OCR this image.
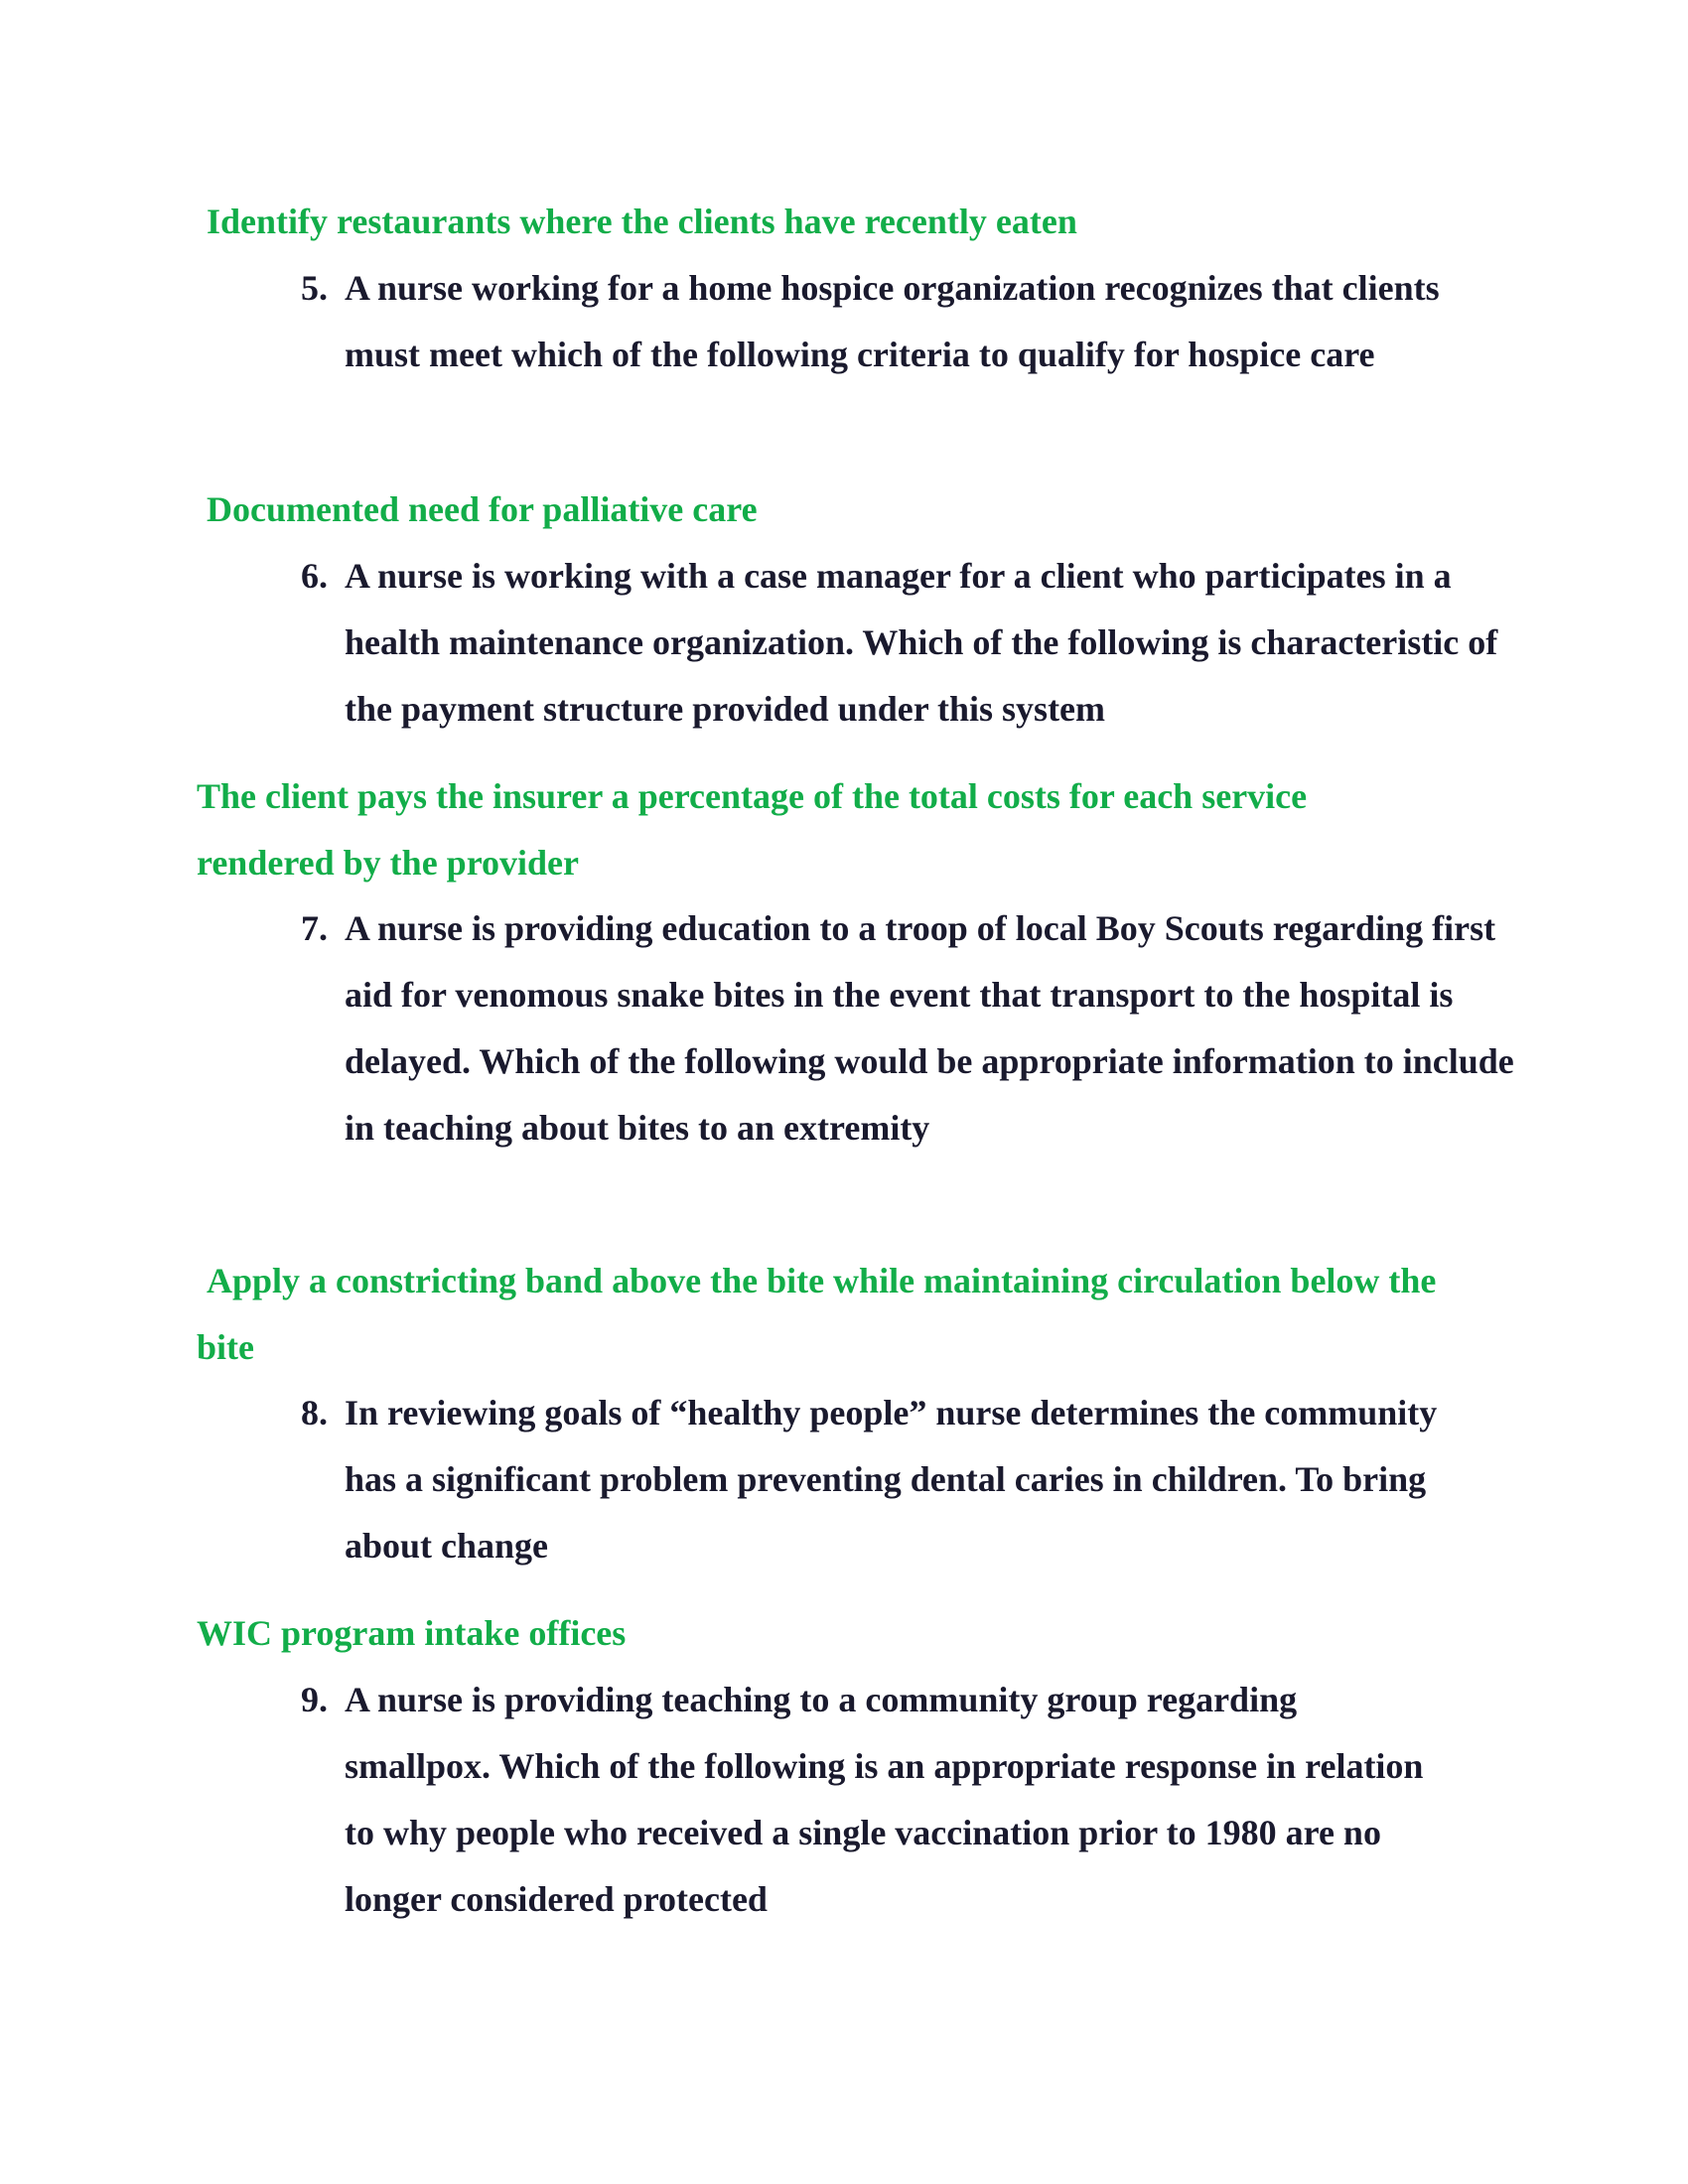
Identify restaurants where the clients have recently eaten

5. A nurse working for a home hospice organization recognizes that clients must meet which of the following criteria to qualify for hospice care

Documented need for palliative care

6. A nurse is working with a case manager for a client who participates in a health maintenance organization. Which of the following is characteristic of the payment structure provided under this system

The client pays the insurer a percentage of the total costs for each service rendered by the provider

7. A nurse is providing education to a troop of local Boy Scouts regarding first aid for venomous snake bites in the event that transport to the hospital is delayed. Which of the following would be appropriate information to include in teaching about bites to an extremity

Apply a constricting band above the bite while maintaining circulation below the bite

8. In reviewing goals of “healthy people” nurse determines the community has a significant problem preventing dental caries in children. To bring about change

WIC program intake offices

9. A nurse is providing teaching to a community group regarding smallpox. Which of the following is an appropriate response in relation to why people who received a single vaccination prior to 1980 are no longer considered protected
